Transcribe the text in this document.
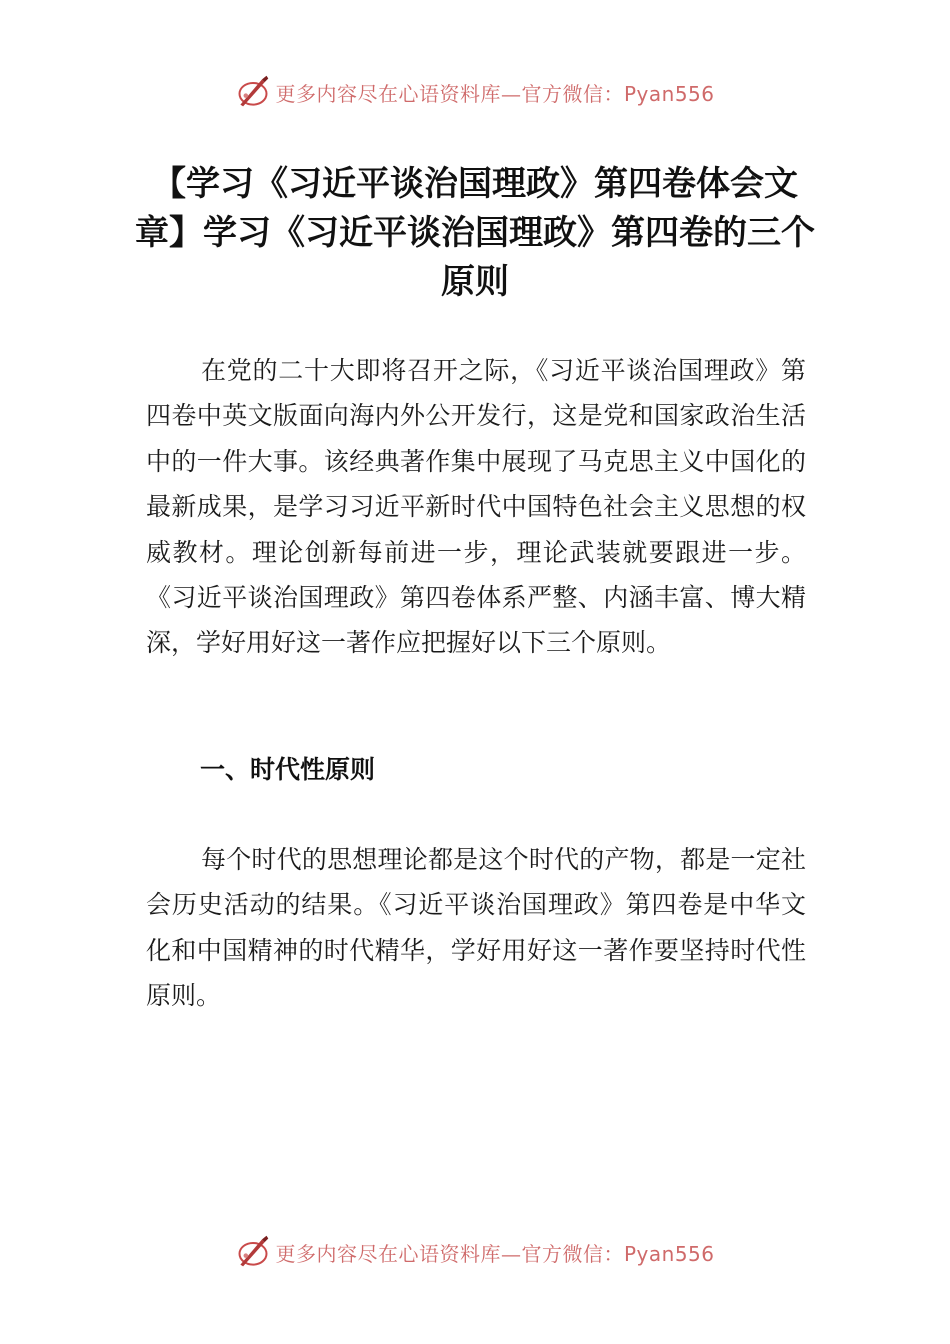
更多内容尽在心语资料库—官方微信：Pyan556
【学习《习近平谈治国理政》第四卷体会文章】学习《习近平谈治国理政》第四卷的三个原则

在党的二十大即将召开之际，《习近平谈治国理政》第四卷中英文版面向海内外公开发行，这是党和国家政治生活中的一件大事。该经典著作集中展现了马克思主义中国化的最新成果，是学习习近平新时代中国特色社会主义思想的权威教材。理论创新每前进一步，理论武装就要跟进一步。《习近平谈治国理政》第四卷体系严整、内涵丰富、博大精深，学好用好这一著作应把握好以下三个原则。

一、时代性原则

每个时代的思想理论都是这个时代的产物，都是一定社会历史活动的结果。《习近平谈治国理政》第四卷是中华文化和中国精神的时代精华，学好用好这一著作要坚持时代性原则。

更多内容尽在心语资料库—官方微信：Pyan556
